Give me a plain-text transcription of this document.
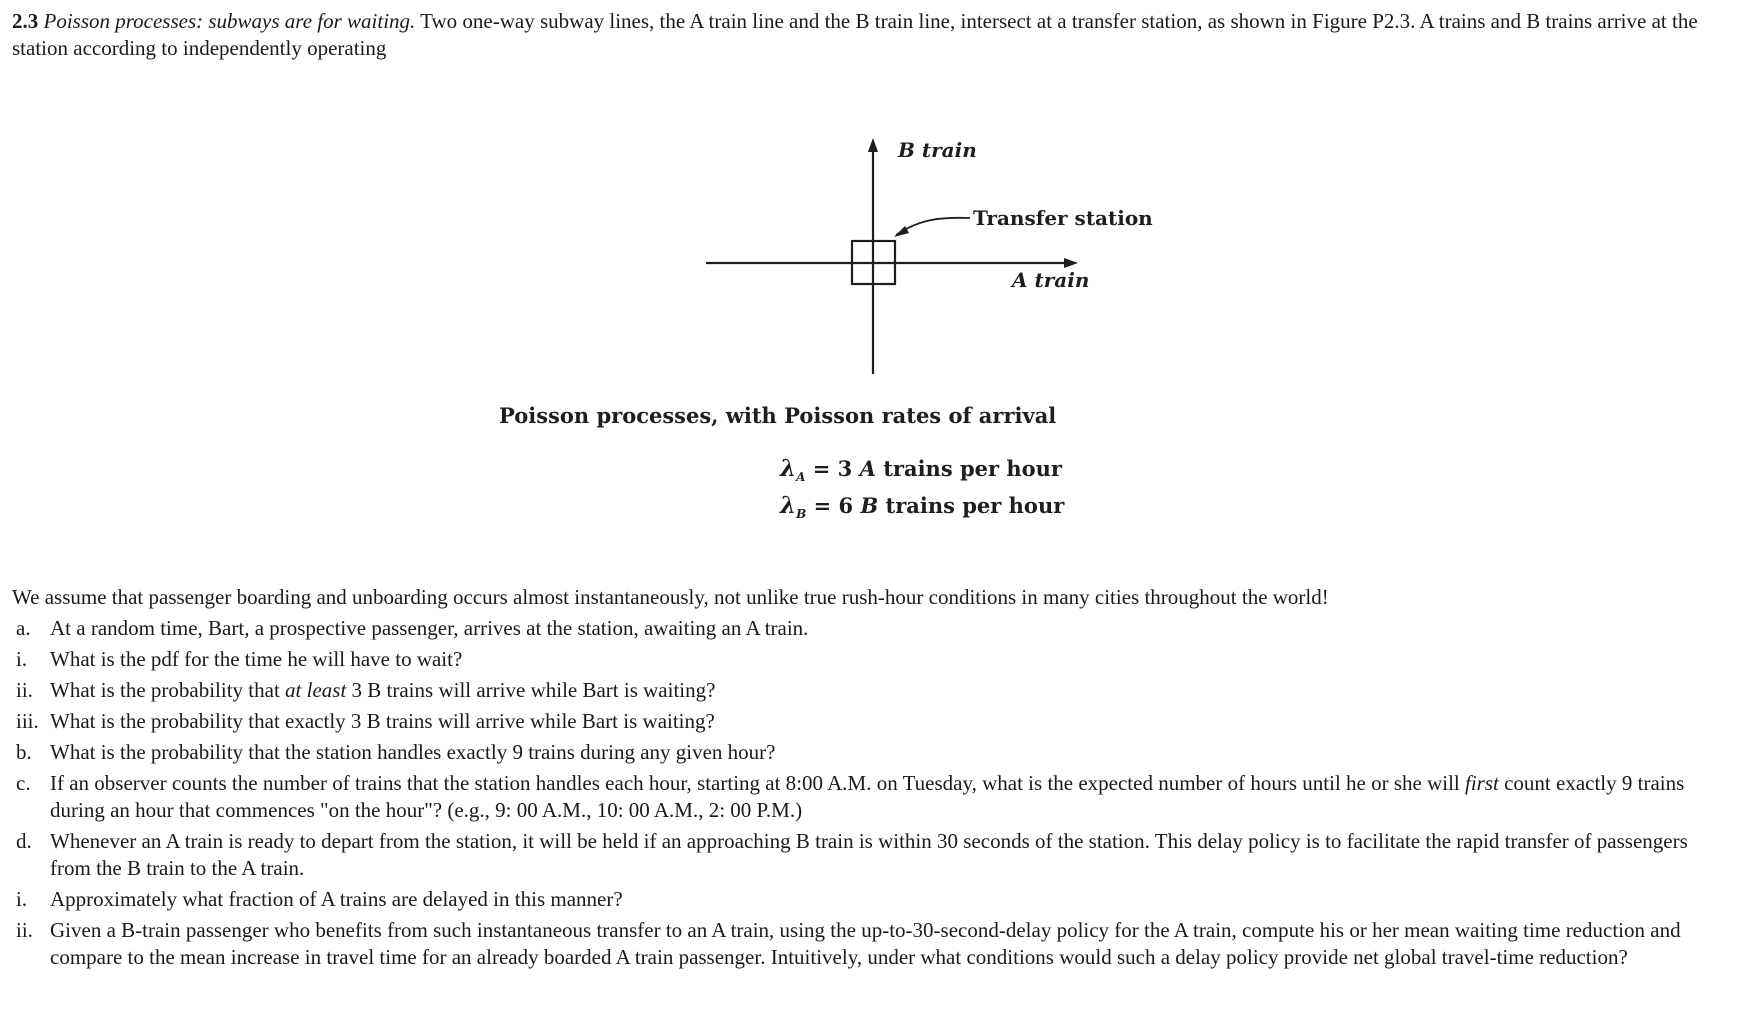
2.3 Poisson processes: subways are for waiting. Two one-way subway lines, the A train line and the B train line, intersect at a transfer station, as shown in Figure P2.3. A trains and B trains arrive at the station according to independently operating

B train
Transfer station
A train
Poisson processes, with Poisson rates of arrival
$\lambda_A = 3$ A trains per hour
$\lambda_B = 6$ B trains per hour

We assume that passenger boarding and unboarding occurs almost instantaneously, not unlike true rush-hour conditions in many cities throughout the world!

a. At a random time, Bart, a prospective passenger, arrives at the station, awaiting an A train.
i. What is the pdf for the time he will have to wait?
ii. What is the probability that at least 3 B trains will arrive while Bart is waiting?
iii. What is the probability that exactly 3 B trains will arrive while Bart is waiting?
b. What is the probability that the station handles exactly 9 trains during any given hour?
c. If an observer counts the number of trains that the station handles each hour, starting at 8:00 A.M. on Tuesday, what is the expected number of hours until he or she will first count exactly 9 trains during an hour that commences "on the hour"? (e.g., 9: 00 A.M., 10: 00 A.M., 2: 00 P.M.)
d. Whenever an A train is ready to depart from the station, it will be held if an approaching B train is within 30 seconds of the station. This delay policy is to facilitate the rapid transfer of passengers from the B train to the A train.
i. Approximately what fraction of A trains are delayed in this manner?
ii. Given a B-train passenger who benefits from such instantaneous transfer to an A train, using the up-to-30-second-delay policy for the A train, compute his or her mean waiting time reduction and compare to the mean increase in travel time for an already boarded A train passenger. Intuitively, under what conditions would such a delay policy provide net global travel-time reduction?
